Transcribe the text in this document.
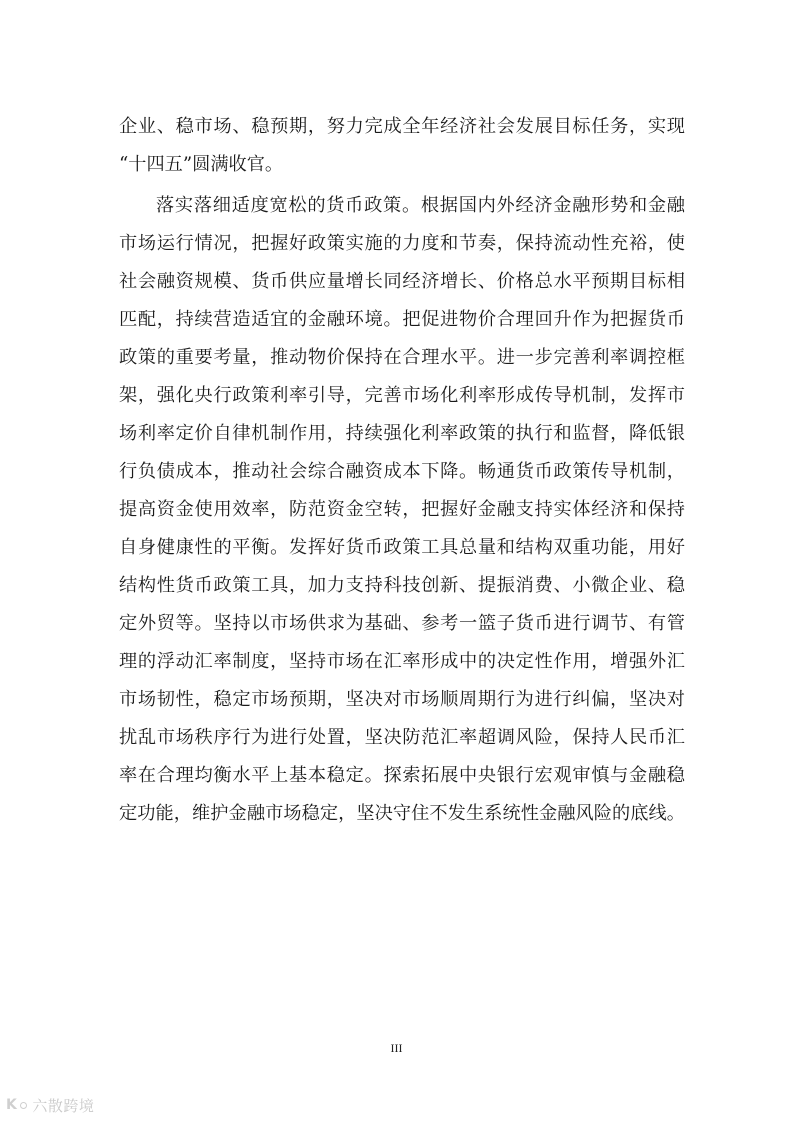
企业、稳市场、稳预期，努力完成全年经济社会发展目标任务，实现
“十四五”圆满收官。
落实落细适度宽松的货币政策。根据国内外经济金融形势和金融
市场运行情况，把握好政策实施的力度和节奏，保持流动性充裕，使
社会融资规模、货币供应量增长同经济增长、价格总水平预期目标相
匹配，持续营造适宜的金融环境。把促进物价合理回升作为把握货币
政策的重要考量，推动物价保持在合理水平。进一步完善利率调控框
架，强化央行政策利率引导，完善市场化利率形成传导机制，发挥市
场利率定价自律机制作用，持续强化利率政策的执行和监督，降低银
行负债成本，推动社会综合融资成本下降。畅通货币政策传导机制，
提高资金使用效率，防范资金空转，把握好金融支持实体经济和保持
自身健康性的平衡。发挥好货币政策工具总量和结构双重功能，用好
结构性货币政策工具，加力支持科技创新、提振消费、小微企业、稳
定外贸等。坚持以市场供求为基础、参考一篮子货币进行调节、有管
理的浮动汇率制度，坚持市场在汇率形成中的决定性作用，增强外汇
市场韧性，稳定市场预期，坚决对市场顺周期行为进行纠偏，坚决对
扰乱市场秩序行为进行处置，坚决防范汇率超调风险，保持人民币汇
率在合理均衡水平上基本稳定。探索拓展中央银行宏观审慎与金融稳
定功能，维护金融市场稳定，坚决守住不发生系统性金融风险的底线。
III
K 六散跨境
